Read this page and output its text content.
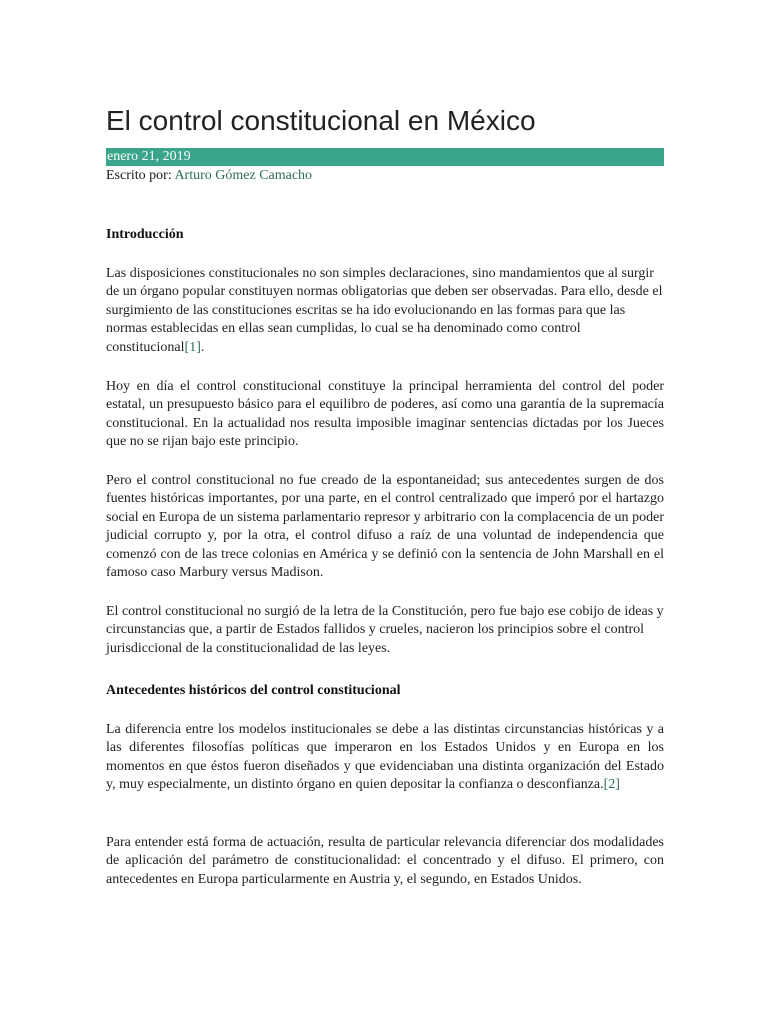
El control constitucional en México
enero 21, 2019
Escrito por: Arturo Gómez Camacho
Introducción

Las disposiciones constitucionales no son simples declaraciones, sino mandamientos que al surgir de un órgano popular constituyen normas obligatorias que deben ser observadas. Para ello, desde el surgimiento de las constituciones escritas se ha ido evolucionando en las formas para que las normas establecidas en ellas sean cumplidas, lo cual se ha denominado como control constitucional[1].

Hoy en día el control constitucional constituye la principal herramienta del control del poder estatal, un presupuesto básico para el equilibro de poderes, así como una garantía de la supremacía constitucional. En la actualidad nos resulta imposible imaginar sentencias dictadas por los Jueces que no se rijan bajo este principio.

Pero el control constitucional no fue creado de la espontaneidad; sus antecedentes surgen de dos fuentes históricas importantes, por una parte, en el control centralizado que imperó por el hartazgo social en Europa de un sistema parlamentario represor y arbitrario con la complacencia de un poder judicial corrupto y, por la otra, el control difuso a raíz de una voluntad de independencia que comenzó con de las trece colonias en América y se definió con la sentencia de John Marshall en el famoso caso Marbury versus Madison.

El control constitucional no surgió de la letra de la Constitución, pero fue bajo ese cobijo de ideas y circunstancias que, a partir de Estados fallidos y crueles, nacieron los principios sobre el control jurisdiccional de la constitucionalidad de las leyes.

Antecedentes históricos del control constitucional

La diferencia entre los modelos institucionales se debe a las distintas circunstancias históricas y a las diferentes filosofías políticas que imperaron en los Estados Unidos y en Europa en los momentos en que éstos fueron diseñados y que evidenciaban una distinta organización del Estado y, muy especialmente, un distinto órgano en quien depositar la confianza o desconfianza.[2]

Para entender está forma de actuación, resulta de particular relevancia diferenciar dos modalidades de aplicación del parámetro de constitucionalidad: el concentrado y el difuso. El primero, con antecedentes en Europa particularmente en Austria y, el segundo, en Estados Unidos.
